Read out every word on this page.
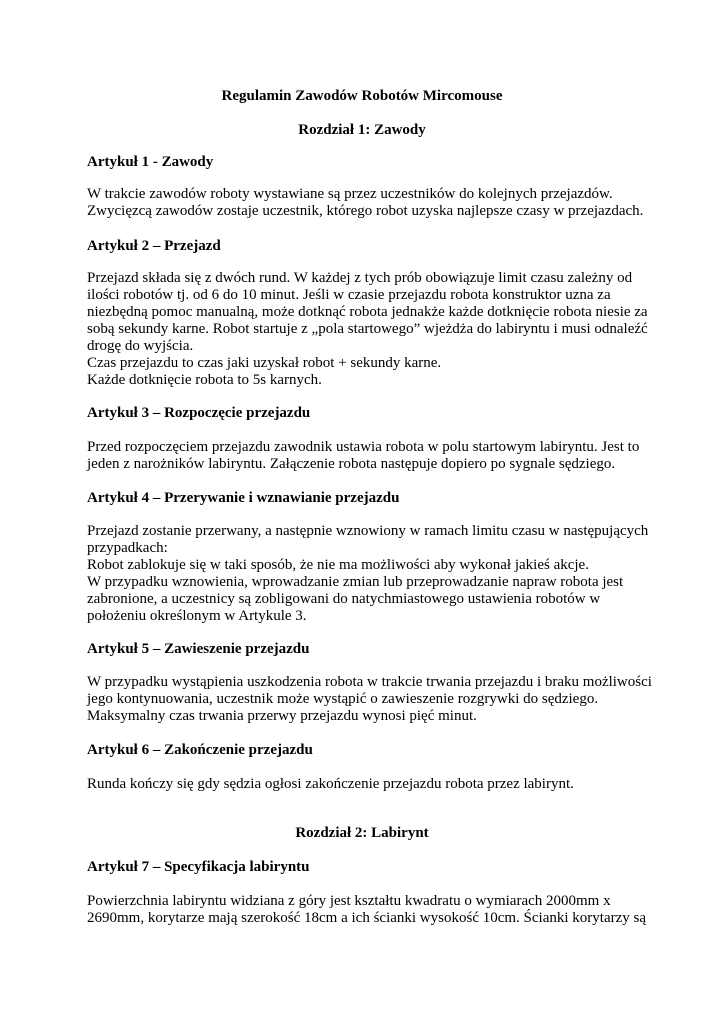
Regulamin Zawodów Robotów Mircomouse

Rozdział 1: Zawody

Artykuł 1 - Zawody

W trakcie zawodów roboty wystawiane są przez uczestników do kolejnych przejazdów.
Zwycięzcą zawodów zostaje uczestnik, którego robot uzyska najlepsze czasy w przejazdach.

Artykuł 2 – Przejazd

Przejazd składa się z dwóch rund. W każdej z tych prób obowiązuje limit czasu zależny od
ilości robotów tj. od 6 do 10 minut. Jeśli w czasie przejazdu robota konstruktor uzna za
niezbędną pomoc manualną, może dotknąć robota jednakże każde dotknięcie robota niesie za
sobą sekundy karne. Robot startuje z „pola startowego” wjeżdża do labiryntu i musi odnaleźć
drogę do wyjścia.
Czas przejazdu to czas jaki uzyskał robot + sekundy karne.
Każde dotknięcie robota to 5s karnych.

Artykuł 3 – Rozpoczęcie przejazdu

Przed rozpoczęciem przejazdu zawodnik ustawia robota w polu startowym labiryntu. Jest to
jeden z narożników labiryntu. Załączenie robota następuje dopiero po sygnale sędziego.

Artykuł 4 – Przerywanie i wznawianie przejazdu

Przejazd zostanie przerwany, a następnie wznowiony w ramach limitu czasu w następujących
przypadkach:
Robot zablokuje się w taki sposób, że nie ma możliwości aby wykonał jakieś akcje.
W przypadku wznowienia, wprowadzanie zmian lub przeprowadzanie napraw robota jest
zabronione, a uczestnicy są zobligowani do natychmiastowego ustawienia robotów w
położeniu określonym w Artykule 3.

Artykuł 5 – Zawieszenie przejazdu

W przypadku wystąpienia uszkodzenia robota w trakcie trwania przejazdu i braku możliwości
jego kontynuowania, uczestnik może wystąpić o zawieszenie rozgrywki do sędziego.
Maksymalny czas trwania przerwy przejazdu wynosi pięć minut.

Artykuł 6 – Zakończenie przejazdu

Runda kończy się gdy sędzia ogłosi zakończenie przejazdu robota przez labirynt.

Rozdział 2: Labirynt

Artykuł 7 – Specyfikacja labiryntu

Powierzchnia labiryntu widziana z góry jest kształtu kwadratu o wymiarach 2000mm x
2690mm, korytarze mają szerokość 18cm a ich ścianki wysokość 10cm. Ścianki korytarzy są
